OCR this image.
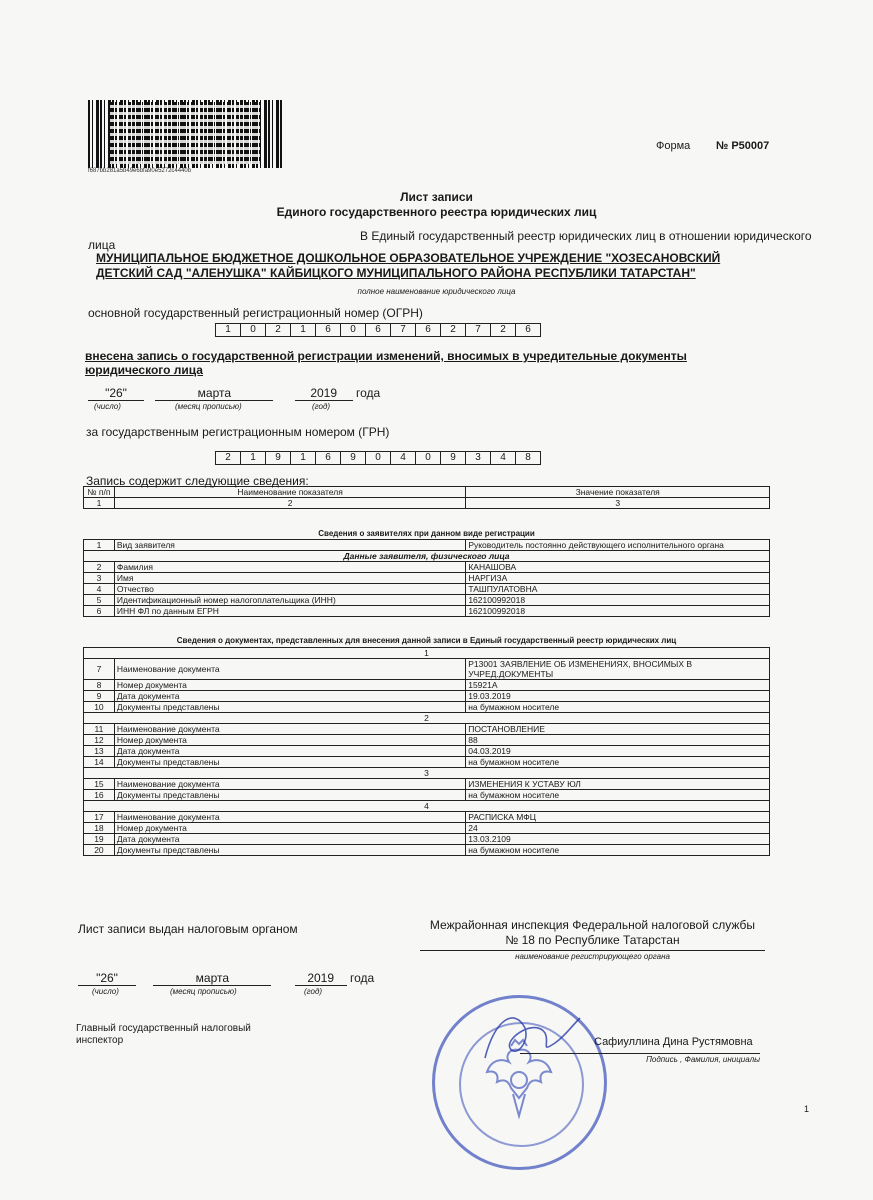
f687bb281a5b49e6bfa90e5272c4440b
Форма № Р50007
Лист записи
Единого государственного реестра юридических лиц
В Единый государственный реестр юридических лиц в отношении юридического
лица
МУНИЦИПАЛЬНОЕ БЮДЖЕТНОЕ ДОШКОЛЬНОЕ ОБРАЗОВАТЕЛЬНОЕ УЧРЕЖДЕНИЕ "ХОЗЕСАНОВСКИЙ
ДЕТСКИЙ САД "АЛЕНУШКА" КАЙБИЦКОГО МУНИЦИПАЛЬНОГО РАЙОНА РЕСПУБЛИКИ ТАТАРСТАН"
полное наименование юридического лица
основной государственный регистрационный номер (ОГРН)
1	0	2	1	6	0	6	7	6	2	7	2	6
внесена запись о государственной регистрации изменений, вносимых в учредительные документы
юридического лица
"26"	марта	2019 года
(число)	(месяц прописью)	(год)
за государственным регистрационным номером (ГРН)
2	1	9	1	6	9	0	4	0	9	3	4	8
Запись содержит следующие сведения:
№ п/п	Наименование показателя	Значение показателя
1	2	3
Сведения о заявителях при данном виде регистрации
1	Вид заявителя	Руководитель постоянно действующего исполнительного органа
Данные заявителя, физического лица		
2	Фамилия	КАНАШОВА
3	Имя	НАРГИЗА
4	Отчество	ТАШПУЛАТОВНА
5	Идентификационный номер налогоплательщика (ИНН)	162100992018
6	ИНН ФЛ по данным ЕГРН	162100992018
Сведения о документах, представленных для внесения данной записи в Единый государственный реестр юридических лиц
1		
7	Наименование документа	Р13001 ЗАЯВЛЕНИЕ ОБ ИЗМЕНЕНИЯХ, ВНОСИМЫХ В УЧРЕД.ДОКУМЕНТЫ
8	Номер документа	15921А
9	Дата документа	19.03.2019
10	Документы представлены	на бумажном носителе
2		
11	Наименование документа	ПОСТАНОВЛЕНИЕ
12	Номер документа	88
13	Дата документа	04.03.2019
14	Документы представлены	на бумажном носителе
3		
15	Наименование документа	ИЗМЕНЕНИЯ К УСТАВУ ЮЛ
16	Документы представлены	на бумажном носителе
4		
17	Наименование документа	РАСПИСКА МФЦ
18	Номер документа	24
19	Дата документа	13.03.2109
20	Документы представлены	на бумажном носителе
Лист записи выдан налоговым органом	Межрайонная инспекция Федеральной налоговой службы
№ 18 по Республике Татарстан
наименование регистрирующего органа
"26"	марта	2019 года
(число)	(месяц прописью)	(год)
Главный государственный налоговый
инспектор	Сафиуллина Дина Рустямовна
Подпись , Фамилия, инициалы
1
